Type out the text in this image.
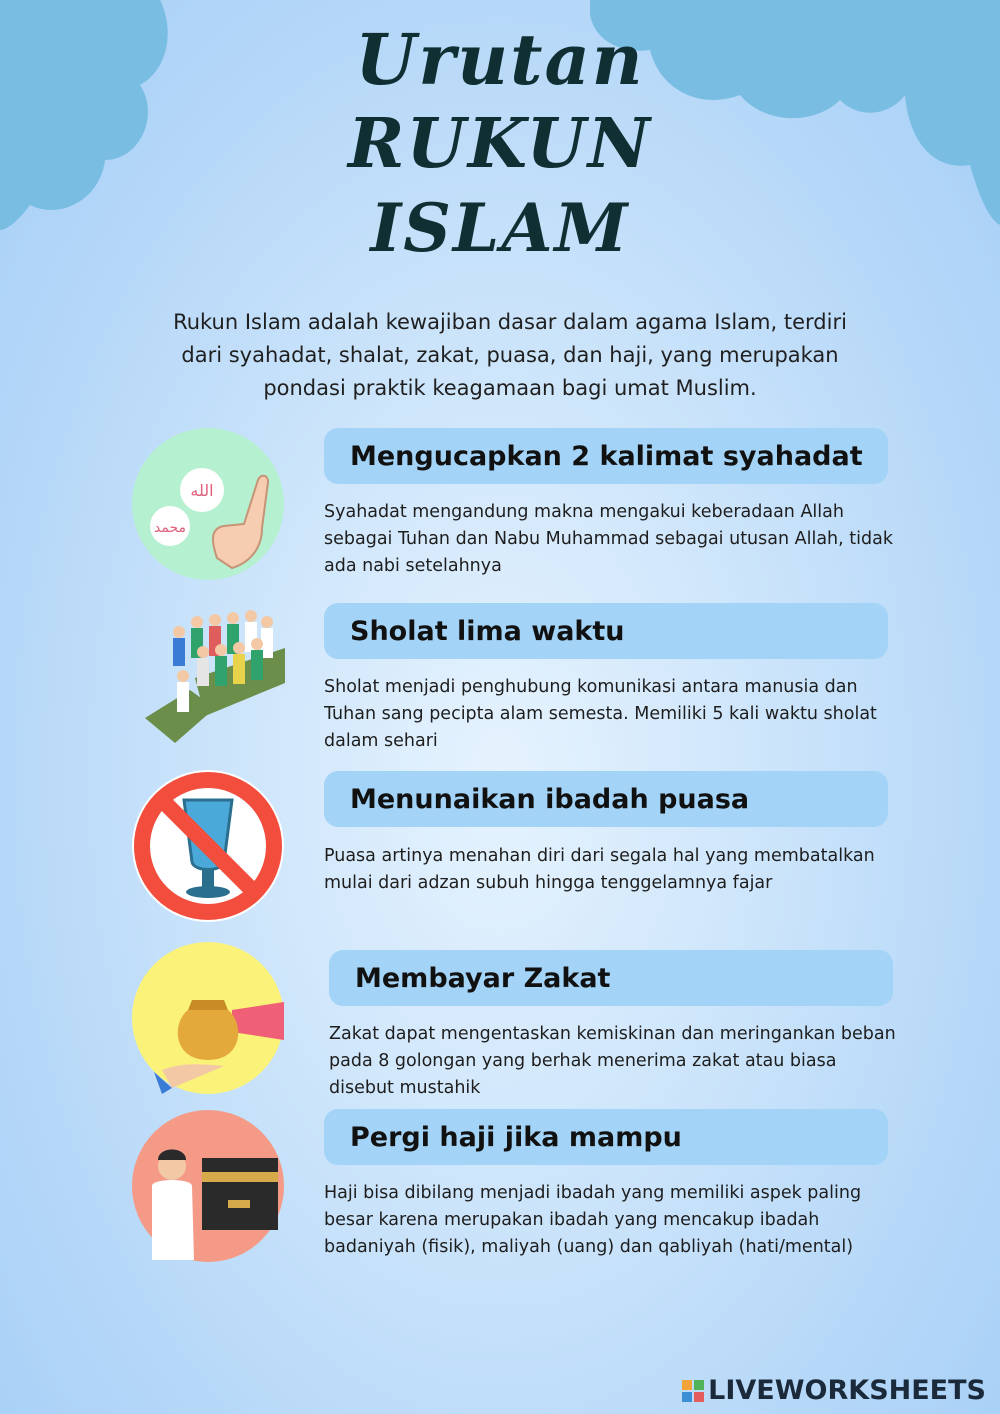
Urutan
RUKUN
ISLAM
Rukun Islam adalah kewajiban dasar dalam agama Islam, terdiri dari syahadat, shalat, zakat, puasa, dan haji, yang merupakan pondasi praktik keagamaan bagi umat Muslim.
الله
محمد
Mengucapkan 2 kalimat syahadat
Syahadat mengandung makna mengakui keberadaan Allah sebagai Tuhan dan Nabu Muhammad sebagai utusan Allah, tidak ada nabi setelahnya
Sholat lima waktu
Sholat menjadi penghubung komunikasi antara manusia dan Tuhan sang pecipta alam semesta. Memiliki 5 kali waktu sholat dalam sehari
Menunaikan ibadah puasa
Puasa artinya menahan diri dari segala hal yang membatalkan mulai dari adzan subuh hingga tenggelamnya fajar
Membayar Zakat
Zakat dapat mengentaskan kemiskinan dan meringankan beban pada 8 golongan yang berhak menerima zakat atau biasa disebut mustahik
Pergi haji jika mampu
Haji bisa dibilang menjadi ibadah yang memiliki aspek paling besar karena merupakan ibadah yang mencakup ibadah badaniyah (fisik), maliyah (uang) dan qabliyah (hati/mental)
LIVEWORKSHEETS
